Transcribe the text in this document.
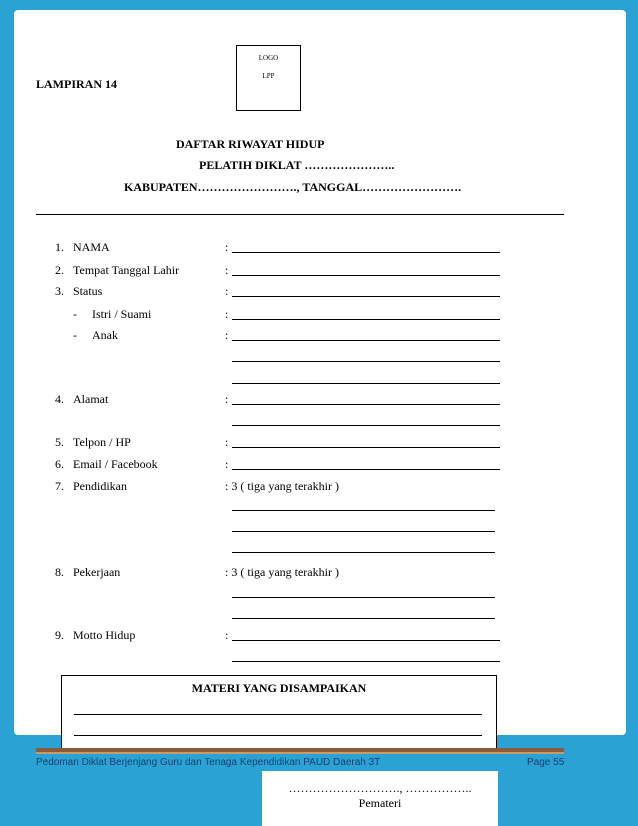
LOGO
LPP
LAMPIRAN 14
DAFTAR RIWAYAT HIDUP
PELATIH DIKLAT …………………..
KABUPATEN……………………., TANGGAL…………………….
1. NAMA	:
2. Tempat Tanggal Lahir	:
3. Status	:
- Istri / Suami	:
- Anak	:
4. Alamat	:
5. Telpon / HP	:
6. Email / Facebook	:
7. Pendidikan	: 3 ( tiga yang terakhir )
8. Pekerjaan	: 3 ( tiga yang terakhir )
9. Motto Hidup	:
MATERI YANG DISAMPAIKAN
Pedoman Diklat Berjenjang Guru dan Tenaga Kependidikan PAUD Daerah 3T	Page 55
………………………., ……………..
Pemateri
